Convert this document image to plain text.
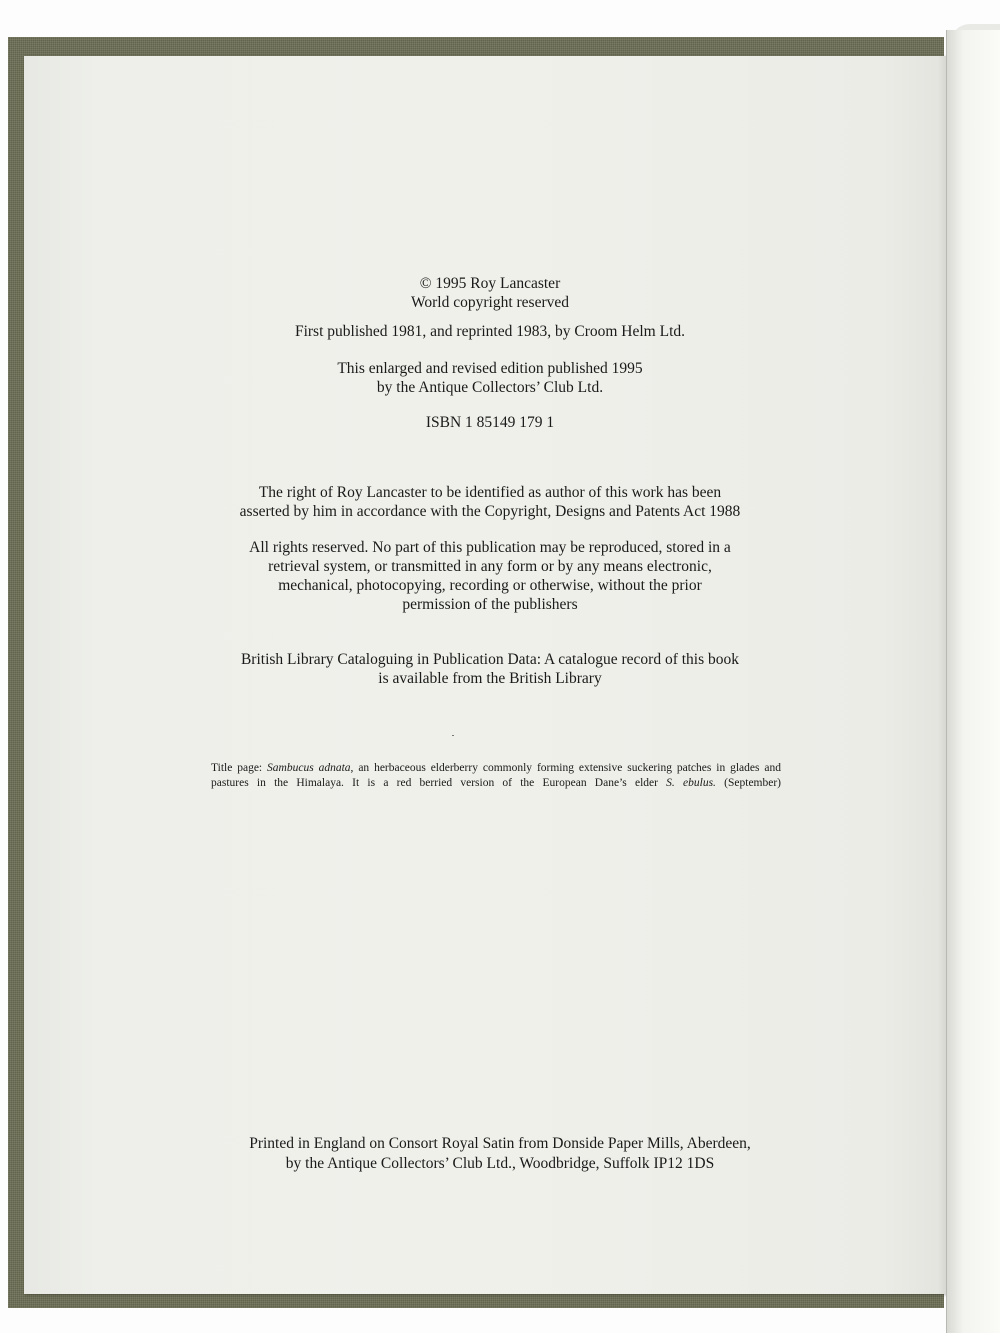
© 1995 Roy Lancaster
World copyright reserved
First published 1981, and reprinted 1983, by Croom Helm Ltd.
This enlarged and revised edition published 1995
by the Antique Collectors’ Club Ltd.
ISBN 1 85149 179 1
The right of Roy Lancaster to be identified as author of this work has been
asserted by him in accordance with the Copyright, Designs and Patents Act 1988
All rights reserved. No part of this publication may be reproduced, stored in a
retrieval system, or transmitted in any form or by any means electronic,
mechanical, photocopying, recording or otherwise, without the prior
permission of the publishers
British Library Cataloguing in Publication Data: A catalogue record of this book
is available from the British Library
Title page: Sambucus adnata, an herbaceous elderberry commonly forming extensive suckering patches in glades and pastures in the Himalaya. It is a red berried version of the European Dane’s elder S. ebulus. (September)
Printed in England on Consort Royal Satin from Donside Paper Mills, Aberdeen,
by the Antique Collectors’ Club Ltd., Woodbridge, Suffolk IP12 1DS
